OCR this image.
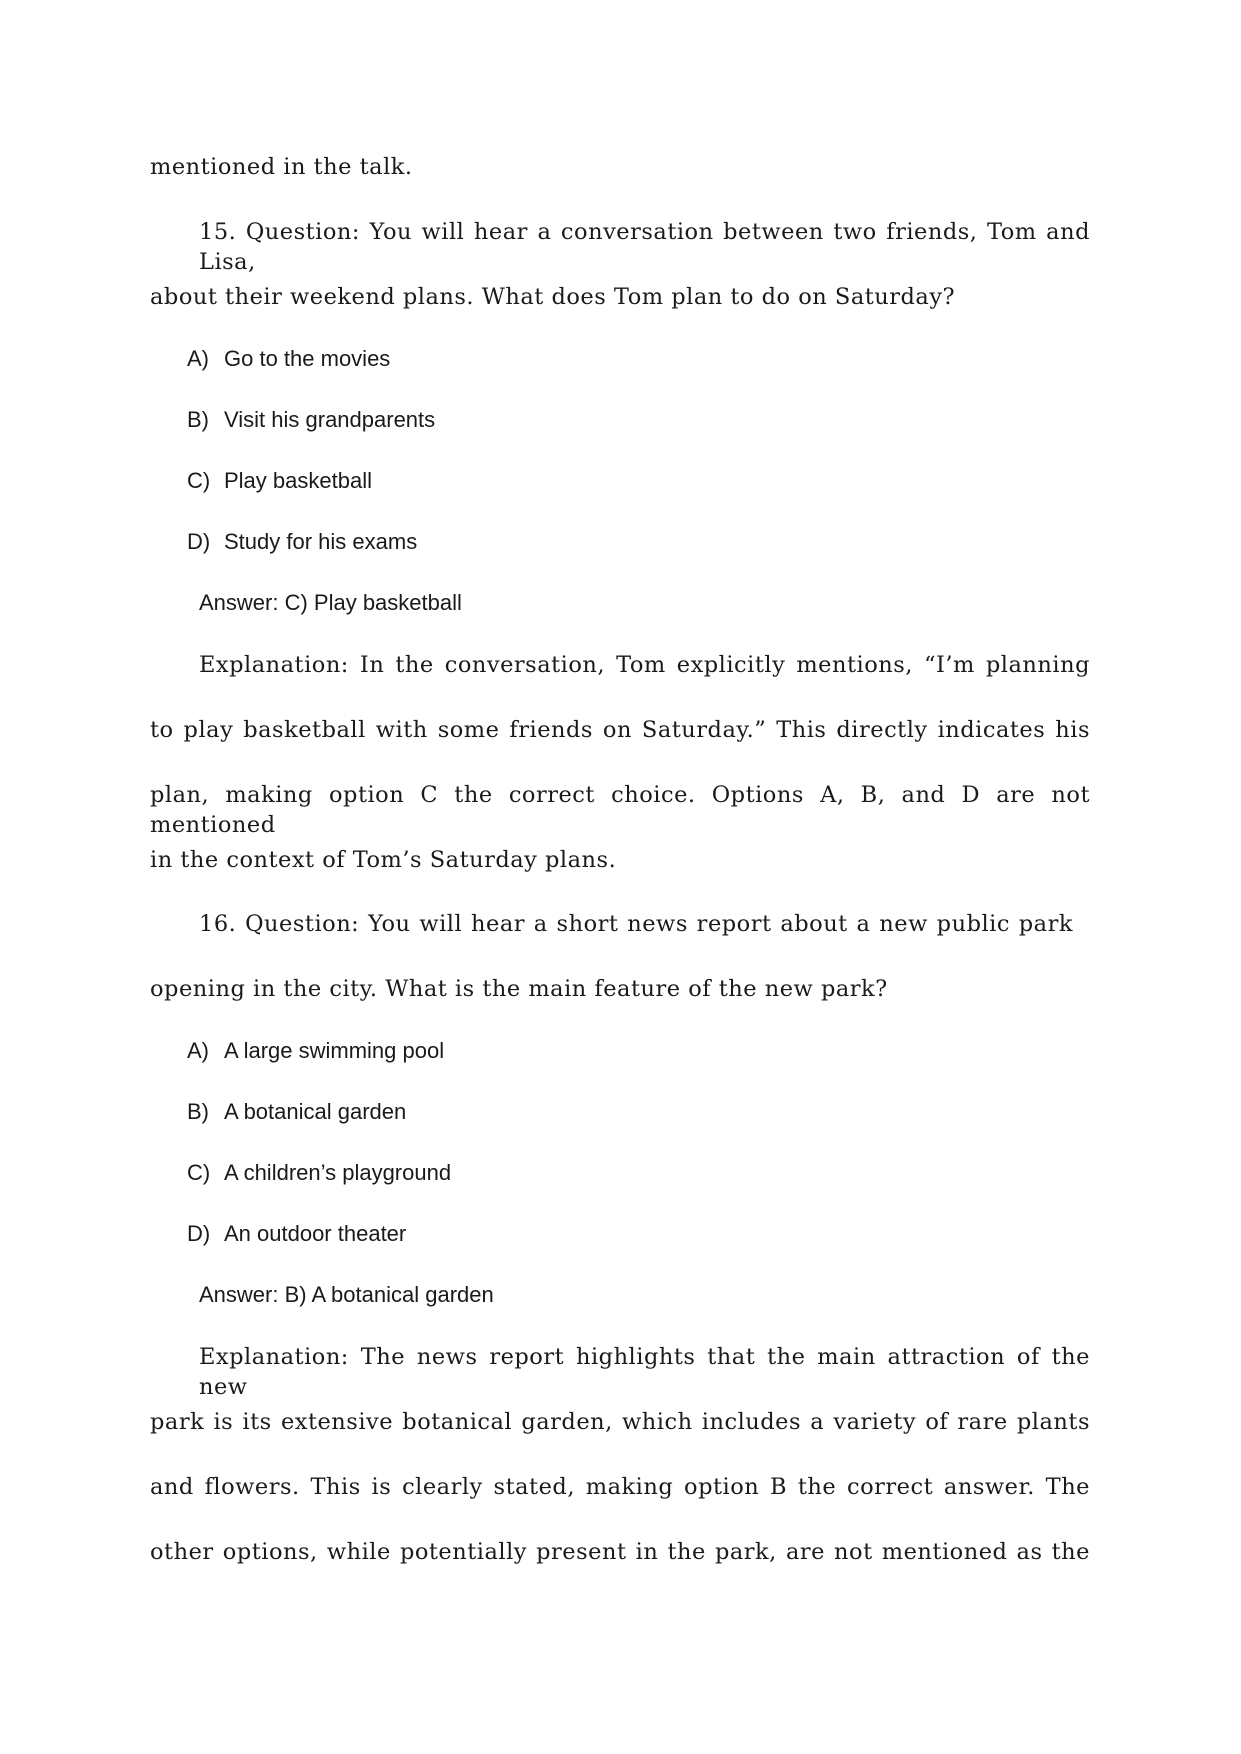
mentioned in the talk.
15. Question: You will hear a conversation between two friends, Tom and Lisa,
about their weekend plans. What does Tom plan to do on Saturday?
A) Go to the movies
B) Visit his grandparents
C) Play basketball
D) Study for his exams
Answer: C) Play basketball
Explanation: In the conversation, Tom explicitly mentions, “I’m planning
to play basketball with some friends on Saturday.” This directly indicates his
plan, making option C the correct choice. Options A, B, and D are not mentioned
in the context of Tom’s Saturday plans.
16. Question: You will hear a short news report about a new public park
opening in the city. What is the main feature of the new park?
A) A large swimming pool
B) A botanical garden
C) A children’s playground
D) An outdoor theater
Answer: B) A botanical garden
Explanation: The news report highlights that the main attraction of the new
park is its extensive botanical garden, which includes a variety of rare plants
and flowers. This is clearly stated, making option B the correct answer. The
other options, while potentially present in the park, are not mentioned as the
